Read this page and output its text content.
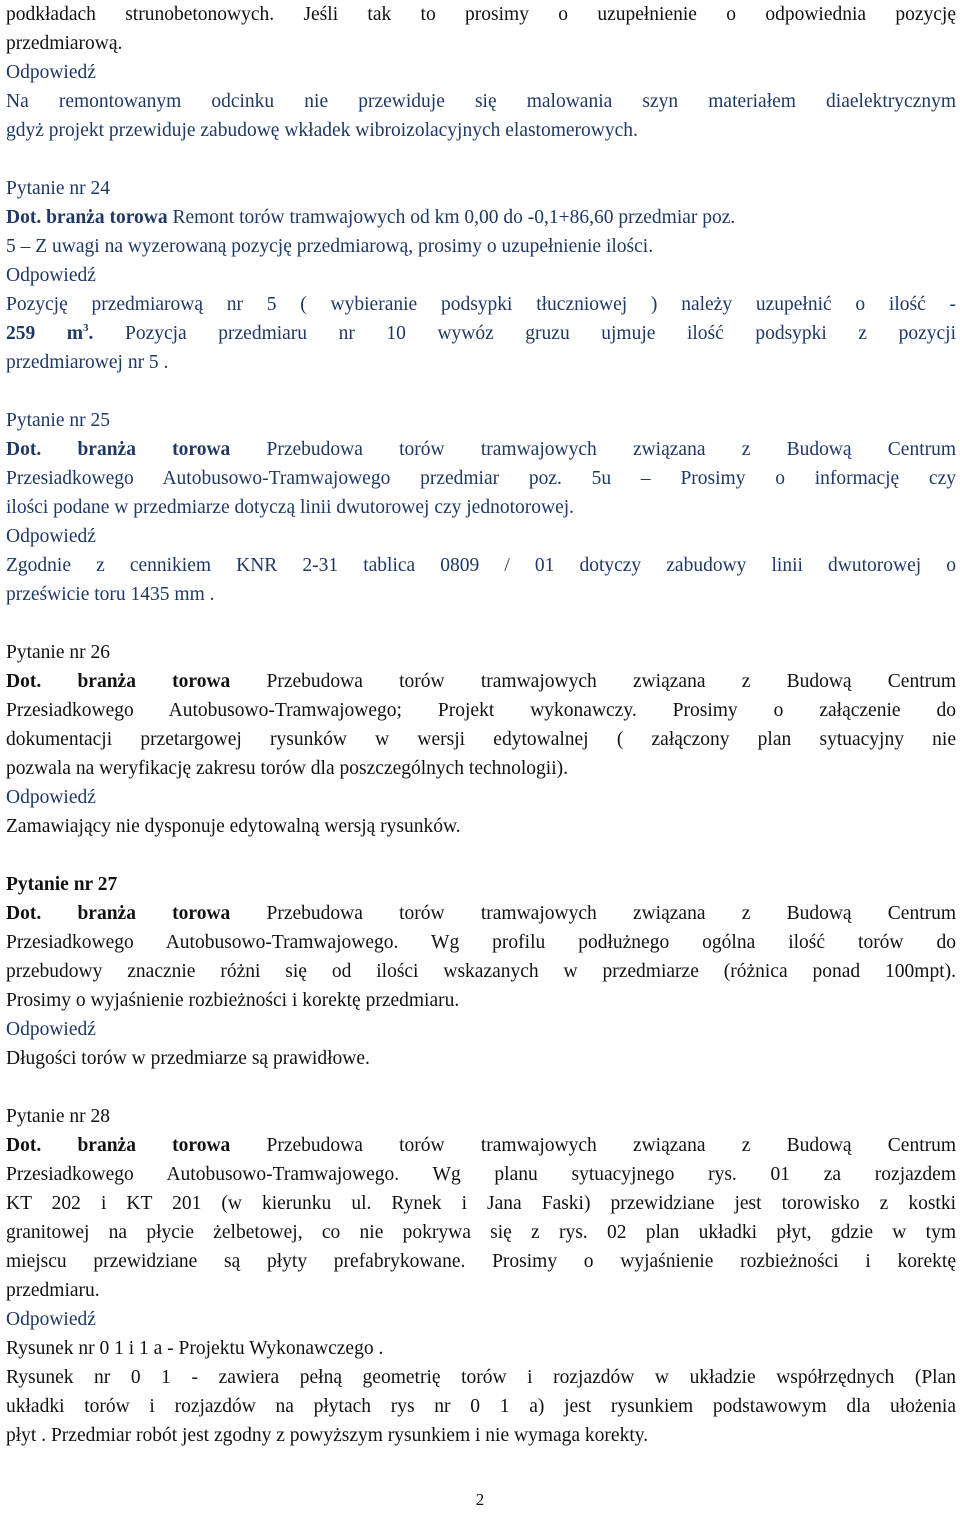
podkładach strunobetonowych. Jeśli tak to prosimy o uzupełnienie o odpowiednia pozycję
przedmiarową.
Odpowiedź
Na remontowanym odcinku nie przewiduje się malowania szyn materiałem diaelektrycznym
gdyż projekt przewiduje zabudowę wkładek wibroizolacyjnych elastomerowych.
Pytanie nr 24
Dot. branża torowa Remont torów tramwajowych od km 0,00 do -0,1+86,60 przedmiar poz.
5 – Z uwagi na wyzerowaną pozycję przedmiarową, prosimy o uzupełnienie ilości.
Odpowiedź
Pozycję przedmiarową nr 5 ( wybieranie podsypki tłuczniowej ) należy uzupełnić o ilość -
259 $m^3$. Pozycja przedmiaru nr 10 wywóz gruzu ujmuje ilość podsypki z pozycji
przedmiarowej nr 5 .
Pytanie nr 25
Dot. branża torowa Przebudowa torów tramwajowych związana z Budową Centrum
Przesiadkowego Autobusowo-Tramwajowego przedmiar poz. 5u – Prosimy o informację czy
ilości podane w przedmiarze dotyczą linii dwutorowej czy jednotorowej.
Odpowiedź
Zgodnie z cennikiem KNR 2-31 tablica 0809 / 01 dotyczy zabudowy linii dwutorowej o
prześwicie toru 1435 mm .
Pytanie nr 26
Dot. branża torowa Przebudowa torów tramwajowych związana z Budową Centrum
Przesiadkowego Autobusowo-Tramwajowego; Projekt wykonawczy. Prosimy o załączenie do
dokumentacji przetargowej rysunków w wersji edytowalnej ( załączony plan sytuacyjny nie
pozwala na weryfikację zakresu torów dla poszczególnych technologii).
Odpowiedź
Zamawiający nie dysponuje edytowalną wersją rysunków.
Pytanie nr 27
Dot. branża torowa Przebudowa torów tramwajowych związana z Budową Centrum
Przesiadkowego Autobusowo-Tramwajowego. Wg profilu podłużnego ogólna ilość torów do
przebudowy znacznie różni się od ilości wskazanych w przedmiarze (różnica ponad 100mpt).
Prosimy o wyjaśnienie rozbieżności i korektę przedmiaru.
Odpowiedź
Długości torów w przedmiarze są prawidłowe.
Pytanie nr 28
Dot. branża torowa Przebudowa torów tramwajowych związana z Budową Centrum
Przesiadkowego Autobusowo-Tramwajowego. Wg planu sytuacyjnego rys. 01 za rozjazdem
KT 202 i KT 201 (w kierunku ul. Rynek i Jana Faski) przewidziane jest torowisko z kostki
granitowej na płycie żelbetowej, co nie pokrywa się z rys. 02 plan układki płyt, gdzie w tym
miejscu przewidziane są płyty prefabrykowane. Prosimy o wyjaśnienie rozbieżności i korektę
przedmiaru.
Odpowiedź
Rysunek nr 0 1 i 1 a - Projektu Wykonawczego .
Rysunek nr 0 1 - zawiera pełną geometrię torów i rozjazdów w układzie współrzędnych (Plan
układki torów i rozjazdów na płytach rys nr 0 1 a) jest rysunkiem podstawowym dla ułożenia
płyt . Przedmiar robót jest zgodny z powyższym rysunkiem i nie wymaga korekty.
2
